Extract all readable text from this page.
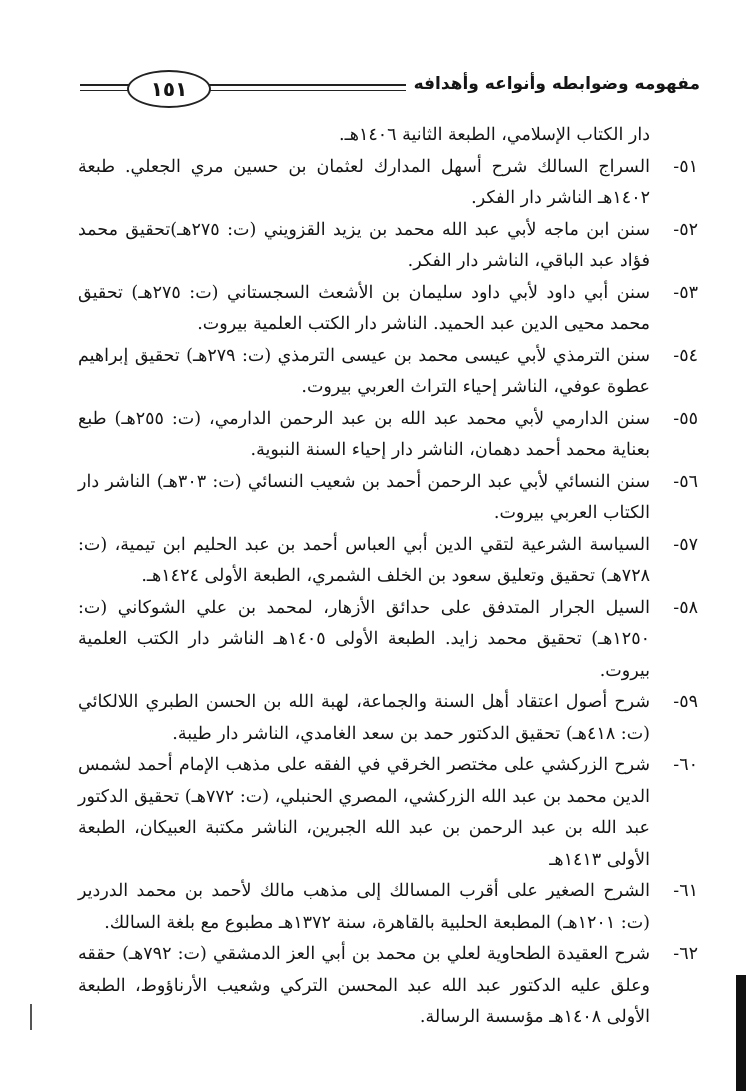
١٥١	مفهومه وضوابطه وأنواعه وأهدافه
دار الكتاب الإسلامي، الطبعة الثانية ١٤٠٦هـ.
٥١-
السراج السالك شرح أسهل المدارك لعثمان بن حسين مري الجعلي. طبعة ١٤٠٢هـ الناشر دار الفكر.
٥٢-
سنن ابن ماجه لأبي عبد الله محمد بن يزيد القزويني (ت: ٢٧٥هـ)تحقيق محمد فؤاد عبد الباقي، الناشر دار الفكر.
٥٣-
سنن أبي داود لأبي داود سليمان بن الأشعث السجستاني (ت: ٢٧٥هـ) تحقيق محمد محيى الدين عبد الحميد. الناشر دار الكتب العلمية بيروت.
٥٤-
سنن الترمذي لأبي عيسى محمد بن عيسى الترمذي (ت: ٢٧٩هـ) تحقيق إبراهيم عطوة عوفي، الناشر إحياء التراث العربي بيروت.
٥٥-
سنن الدارمي لأبي محمد عبد الله بن عبد الرحمن الدارمي، (ت: ٢٥٥هـ) طبع بعناية محمد أحمد دهمان، الناشر دار إحياء السنة النبوية.
٥٦-
سنن النسائي لأبي عبد الرحمن أحمد بن شعيب النسائي (ت: ٣٠٣هـ) الناشر دار الكتاب العربي بيروت.
٥٧-
السياسة الشرعية لتقي الدين أبي العباس أحمد بن عبد الحليم ابن تيمية، (ت: ٧٢٨هـ) تحقيق وتعليق سعود بن الخلف الشمري، الطبعة الأولى ١٤٢٤هـ.
٥٨-
السيل الجرار المتدفق على حدائق الأزهار، لمحمد بن علي الشوكاني (ت: ١٢٥٠هـ) تحقيق محمد زايد. الطبعة الأولى ١٤٠٥هـ الناشر دار الكتب العلمية بيروت.
٥٩-
شرح أصول اعتقاد أهل السنة والجماعة، لهبة الله بن الحسن الطبري اللالكائي (ت: ٤١٨هـ) تحقيق الدكتور حمد بن سعد الغامدي، الناشر دار طيبة.
٦٠-
شرح الزركشي على مختصر الخرقي في الفقه على مذهب الإمام أحمد لشمس الدين محمد بن عبد الله الزركشي، المصري الحنبلي، (ت: ٧٧٢هـ) تحقيق الدكتور عبد الله بن عبد الرحمن بن عبد الله الجبرين، الناشر مكتبة العبيكان، الطبعة الأولى ١٤١٣هـ
٦١-
الشرح الصغير على أقرب المسالك إلى مذهب مالك لأحمد بن محمد الدردير (ت: ١٢٠١هـ) المطبعة الحلبية بالقاهرة، سنة ١٣٧٢هـ مطبوع مع بلغة السالك.
٦٢-
شرح العقيدة الطحاوية لعلي بن محمد بن أبي العز الدمشقي (ت: ٧٩٢هـ) حققه وعلق عليه الدكتور عبد الله عبد المحسن التركي وشعيب الأرناؤوط، الطبعة الأولى ١٤٠٨هـ مؤسسة الرسالة.
